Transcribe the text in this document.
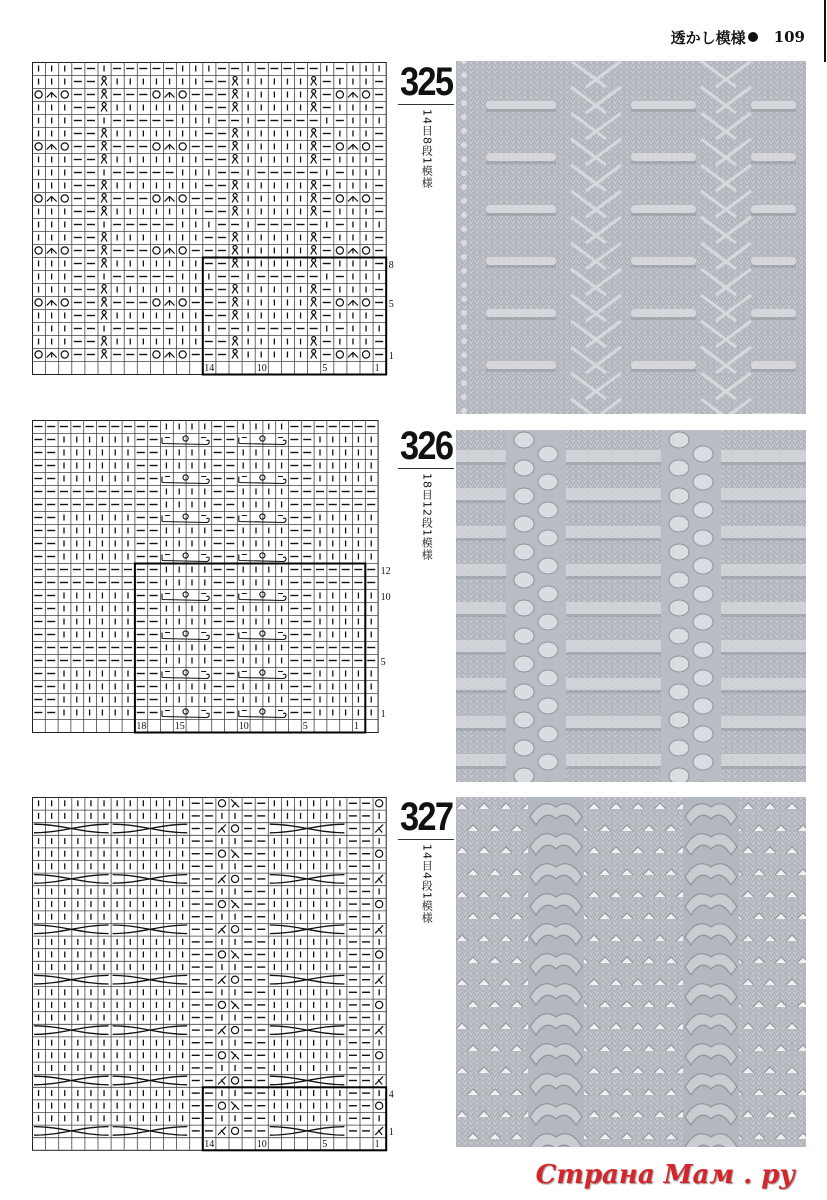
透かし模様 109
14	10	5	1
1
5
8
325
14目8段1模様
18	15	10	5	1
1
5
10
12
326
18目12段1模様
14	10	5	1
1
4
327
14目4段1模様
Страна Мам . ру
